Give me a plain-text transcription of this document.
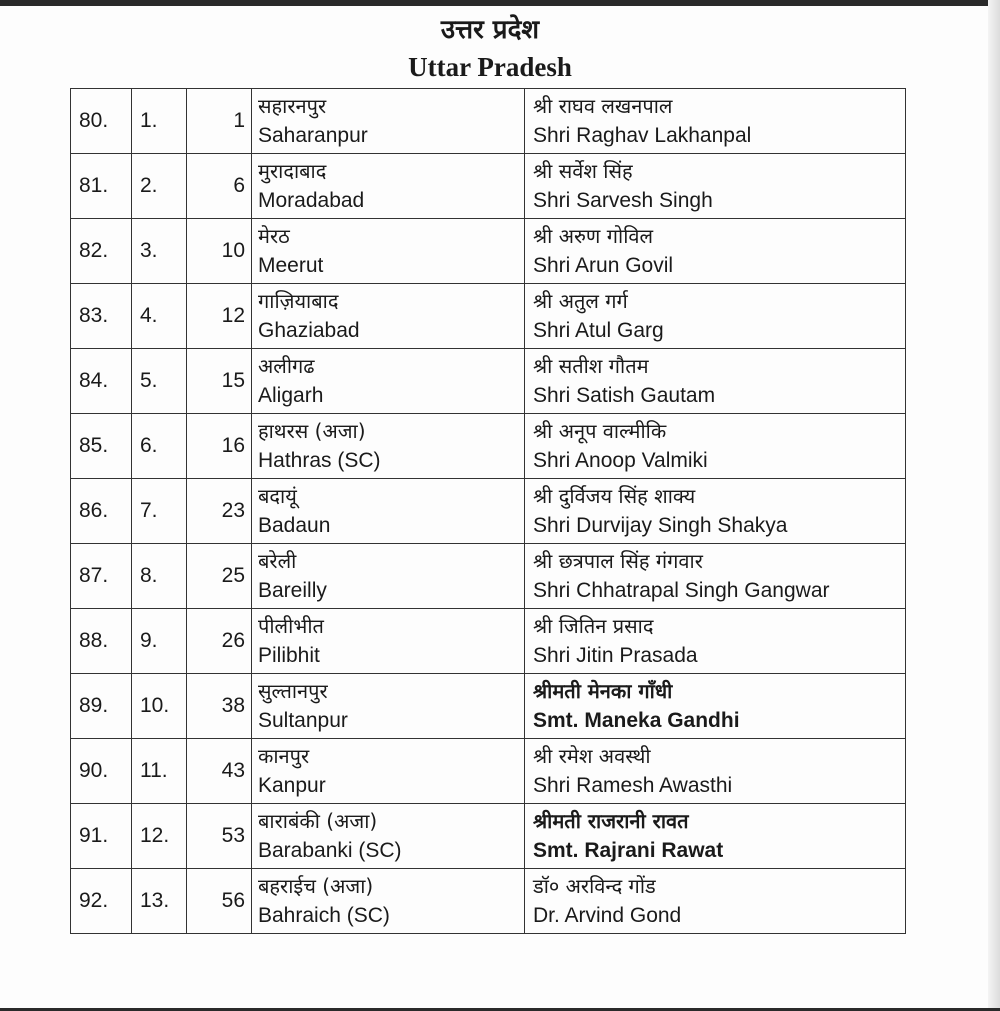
उत्तर प्रदेश
Uttar Pradesh
80.	1.	1	सहारनपुर
Saharanpur	श्री राघव लखनपाल
Shri Raghav Lakhanpal

81.	2.	6	मुरादाबाद
Moradabad	श्री सर्वेश सिंह
Shri Sarvesh Singh

82.	3.	10	मेरठ
Meerut	श्री अरुण गोविल
Shri Arun Govil

83.	4.	12	गाज़ियाबाद
Ghaziabad	श्री अतुल गर्ग
Shri Atul Garg

84.	5.	15	अलीगढ
Aligarh	श्री सतीश गौतम
Shri Satish Gautam

85.	6.	16	हाथरस (अजा)
Hathras (SC)	श्री अनूप वाल्मीकि
Shri Anoop Valmiki

86.	7.	23	बदायूं
Badaun	श्री दुर्विजय सिंह शाक्य
Shri Durvijay Singh Shakya

87.	8.	25	बरेली
Bareilly	श्री छत्रपाल सिंह गंगवार
Shri Chhatrapal Singh Gangwar

88.	9.	26	पीलीभीत
Pilibhit	श्री जितिन प्रसाद
Shri Jitin Prasada

89.	10.	38	सुल्तानपुर
Sultanpur	श्रीमती मेनका गाँधी
Smt. Maneka Gandhi

90.	11.	43	कानपुर
Kanpur	श्री रमेश अवस्थी
Shri Ramesh Awasthi

91.	12.	53	बाराबंकी (अजा)
Barabanki (SC)	श्रीमती राजरानी रावत
Smt. Rajrani Rawat

92.	13.	56	बहराईच (अजा)
Bahraich (SC)	डॉ० अरविन्द गोंड
Dr. Arvind Gond
